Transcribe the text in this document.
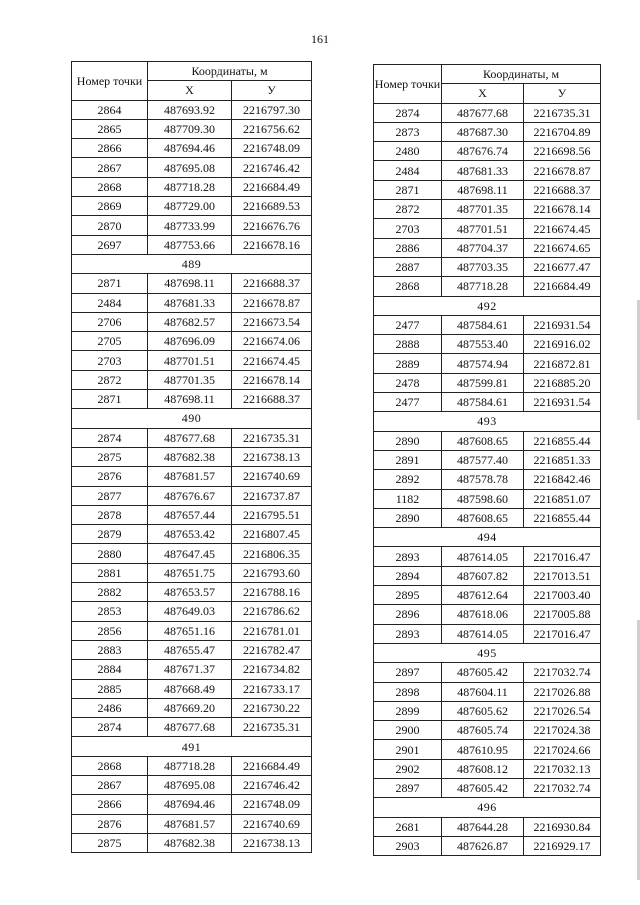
161
Номер точки	Координаты, м	
	X	У
2864	487693.92	2216797.30
2865	487709.30	2216756.62
2866	487694.46	2216748.09
2867	487695.08	2216746.42
2868	487718.28	2216684.49
2869	487729.00	2216689.53
2870	487733.99	2216676.76
2697	487753.66	2216678.16
489		
2871	487698.11	2216688.37
2484	487681.33	2216678.87
2706	487682.57	2216673.54
2705	487696.09	2216674.06
2703	487701.51	2216674.45
2872	487701.35	2216678.14
2871	487698.11	2216688.37
490		
2874	487677.68	2216735.31
2875	487682.38	2216738.13
2876	487681.57	2216740.69
2877	487676.67	2216737.87
2878	487657.44	2216795.51
2879	487653.42	2216807.45
2880	487647.45	2216806.35
2881	487651.75	2216793.60
2882	487653.57	2216788.16
2853	487649.03	2216786.62
2856	487651.16	2216781.01
2883	487655.47	2216782.47
2884	487671.37	2216734.82
2885	487668.49	2216733.17
2486	487669.20	2216730.22
2874	487677.68	2216735.31
491		
2868	487718.28	2216684.49
2867	487695.08	2216746.42
2866	487694.46	2216748.09
2876	487681.57	2216740.69
2875	487682.38	2216738.13
Номер точки	Координаты, м	
	X	У
2874	487677.68	2216735.31
2873	487687.30	2216704.89
2480	487676.74	2216698.56
2484	487681.33	2216678.87
2871	487698.11	2216688.37
2872	487701.35	2216678.14
2703	487701.51	2216674.45
2886	487704.37	2216674.65
2887	487703.35	2216677.47
2868	487718.28	2216684.49
492		
2477	487584.61	2216931.54
2888	487553.40	2216916.02
2889	487574.94	2216872.81
2478	487599.81	2216885.20
2477	487584.61	2216931.54
493		
2890	487608.65	2216855.44
2891	487577.40	2216851.33
2892	487578.78	2216842.46
1182	487598.60	2216851.07
2890	487608.65	2216855.44
494		
2893	487614.05	2217016.47
2894	487607.82	2217013.51
2895	487612.64	2217003.40
2896	487618.06	2217005.88
2893	487614.05	2217016.47
495		
2897	487605.42	2217032.74
2898	487604.11	2217026.88
2899	487605.62	2217026.54
2900	487605.74	2217024.38
2901	487610.95	2217024.66
2902	487608.12	2217032.13
2897	487605.42	2217032.74
496		
2681	487644.28	2216930.84
2903	487626.87	2216929.17
